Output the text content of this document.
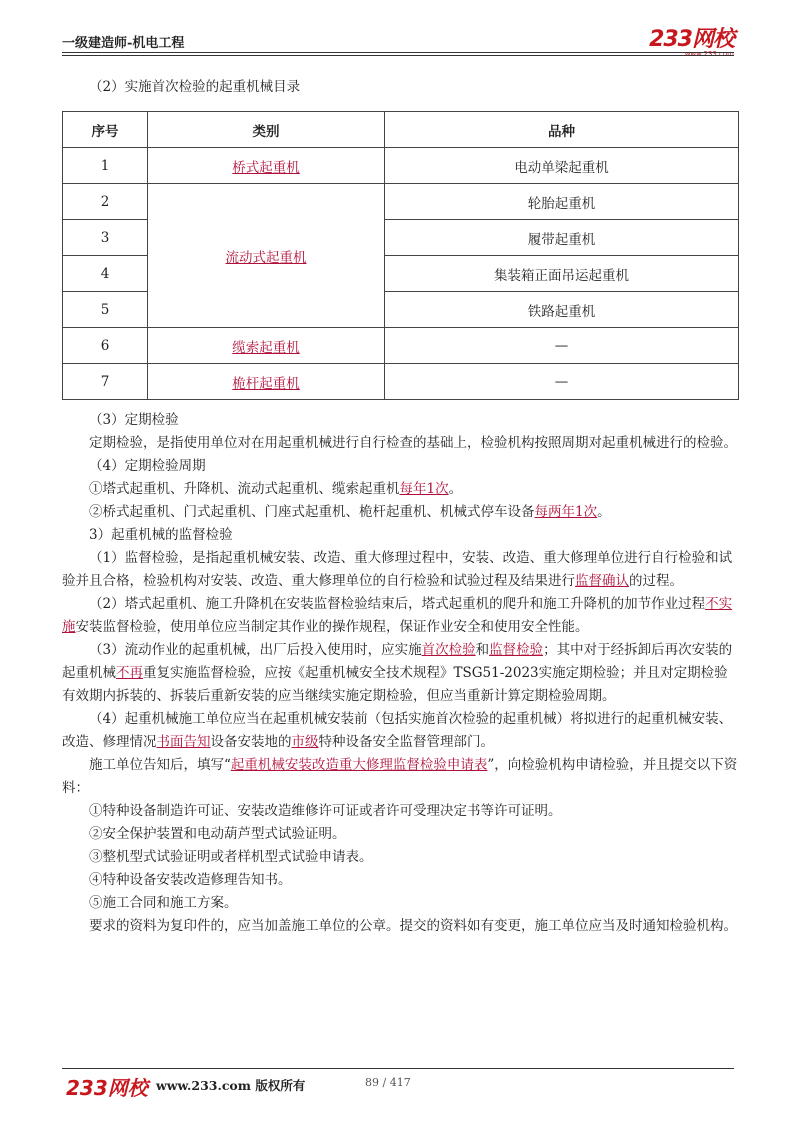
一级建造师-机电工程	233网校
www.233.com

（2）实施首次检验的起重机械目录

序号	类别	品种
1	桥式起重机	电动单梁起重机
2	流动式起重机	轮胎起重机
3		履带起重机
4		集装箱正面吊运起重机
5		铁路起重机
6	缆索起重机	—
7	桅杆起重机	—

（3）定期检验

定期检验，是指使用单位对在用起重机械进行自行检查的基础上，检验机构按照周期对起重机械进行的检验。

（4）定期检验周期

①塔式起重机、升降机、流动式起重机、缆索起重机每年1次。

②桥式起重机、门式起重机、门座式起重机、桅杆起重机、机械式停车设备每两年1次。

3）起重机械的监督检验

（1）监督检验，是指起重机械安装、改造、重大修理过程中，安装、改造、重大修理单位进行自行检验和试验并且合格，检验机构对安装、改造、重大修理单位的自行检验和试验过程及结果进行监督确认的过程。

（2）塔式起重机、施工升降机在安装监督检验结束后，塔式起重机的爬升和施工升降机的加节作业过程不实施安装监督检验，使用单位应当制定其作业的操作规程，保证作业安全和使用安全性能。

（3）流动作业的起重机械，出厂后投入使用时，应实施首次检验和监督检验；其中对于经拆卸后再次安装的起重机械不再重复实施监督检验，应按《起重机械安全技术规程》TSG51-2023实施定期检验；并且对定期检验有效期内拆装的、拆装后重新安装的应当继续实施定期检验，但应当重新计算定期检验周期。

（4）起重机械施工单位应当在起重机械安装前（包括实施首次检验的起重机械）将拟进行的起重机械安装、改造、修理情况书面告知设备安装地的市级特种设备安全监督管理部门。

施工单位告知后，填写“起重机械安装改造重大修理监督检验申请表”，向检验机构申请检验，并且提交以下资料：

①特种设备制造许可证、安装改造维修许可证或者许可受理决定书等许可证明。

②安全保护装置和电动葫芦型式试验证明。

③整机型式试验证明或者样机型式试验申请表。

④特种设备安装改造修理告知书。

⑤施工合同和施工方案。

要求的资料为复印件的，应当加盖施工单位的公章。提交的资料如有变更，施工单位应当及时通知检验机构。

233网校 www.233.com 版权所有	89 / 417
